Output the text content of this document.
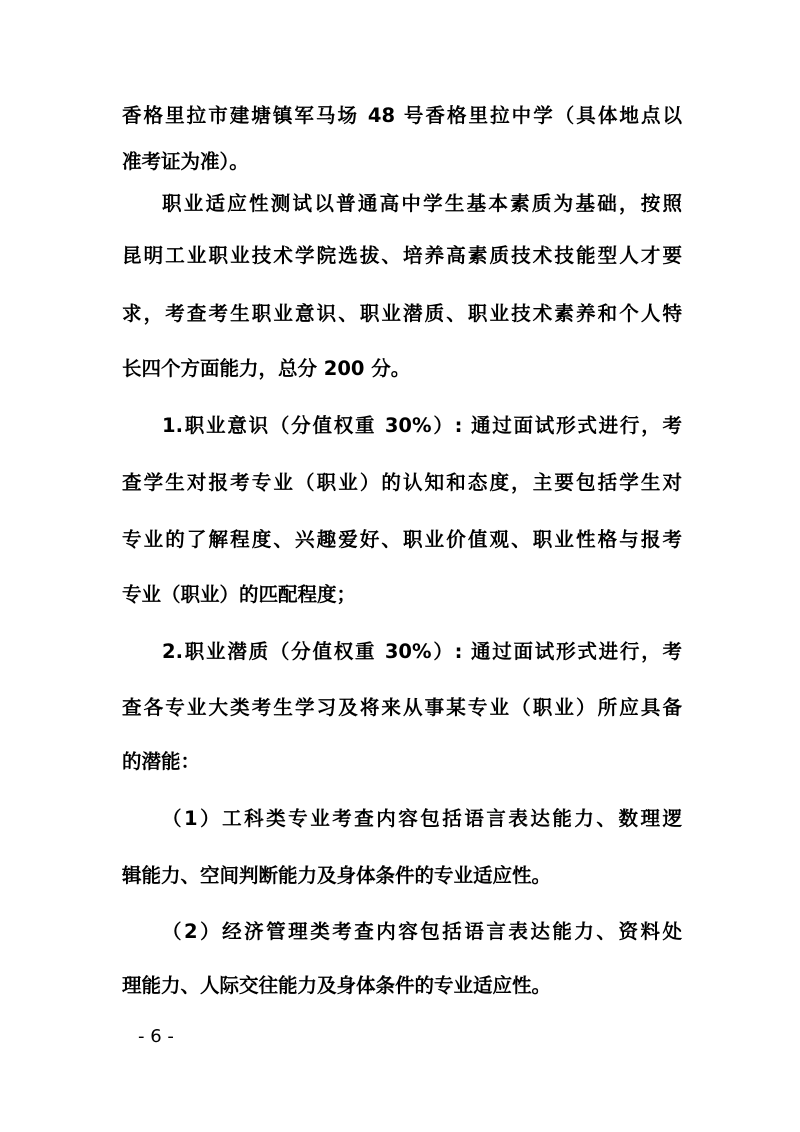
香格里拉市建塘镇军马场 48 号香格里拉中学（具体地点以
准考证为准）。
职业适应性测试以普通高中学生基本素质为基础，按照
昆明工业职业技术学院选拔、培养高素质技术技能型人才要
求，考查考生职业意识、职业潜质、职业技术素养和个人特
长四个方面能力，总分 200 分。
1.职业意识（分值权重 30%）: 通过面试形式进行，考
查学生对报考专业（职业）的认知和态度，主要包括学生对
专业的了解程度、兴趣爱好、职业价值观、职业性格与报考
专业（职业）的匹配程度；
2.职业潜质（分值权重 30%）: 通过面试形式进行，考
查各专业大类考生学习及将来从事某专业（职业）所应具备
的潜能：
（1）工科类专业考查内容包括语言表达能力、数理逻
辑能力、空间判断能力及身体条件的专业适应性。
（2）经济管理类考查内容包括语言表达能力、资料处
理能力、人际交往能力及身体条件的专业适应性。
- 6 -
